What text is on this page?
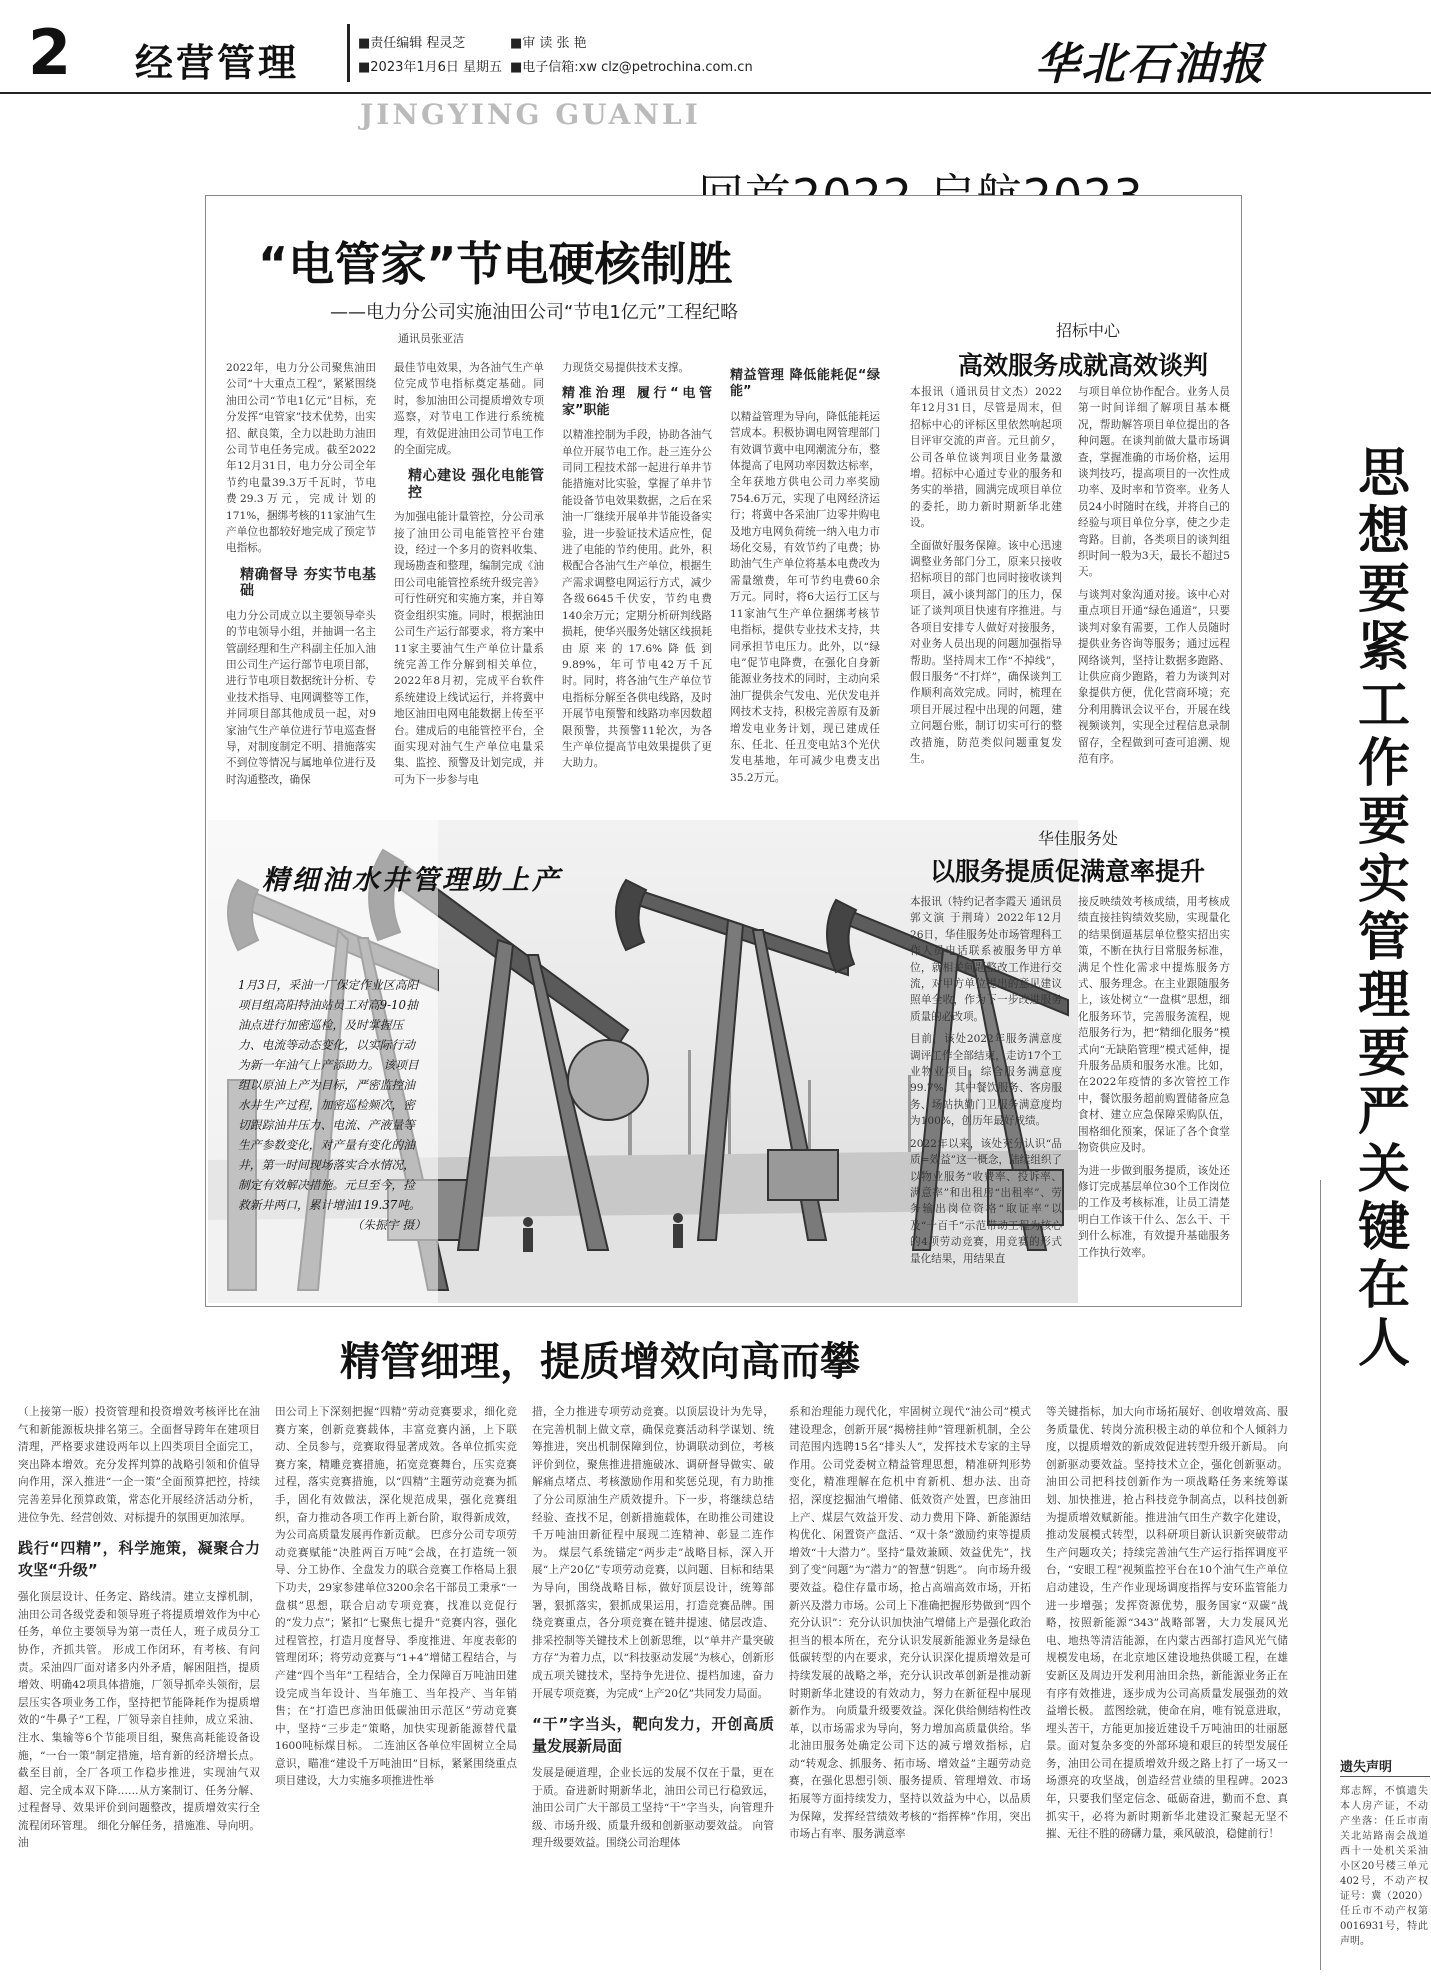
2	经营管理	■责任编辑 程灵芝	■审 读 张 艳
■2023年1月6日 星期五 ■电子信箱:xw clz@petrochina.com.cn
JINGYING GUANLI
华北石油报
“电管家”节电硬核制胜
——电力分公司实施油田公司“节电1亿元”工程纪略
通讯员张亚洁
2022年，电力分公司聚焦油田公司“十大重点工程”，紧紧围绕油田公司“节电1亿元”目标，充分发挥“电管家”技术优势，出实招、献良策，全力以赴助力油田公司节电任务完成。截至2022年12月31日，电力分公司全年节约电量39.3万千瓦时，节电费29.3万元，完成计划的171%，捆绑考核的11家油气生产单位也都较好地完成了预定节电指标。
精确督导 夯实节电基础
电力分公司成立以主要领导牵头的节电领导小组，并抽调一名主管副经理和生产科副主任加入油田公司生产运行部节电项目部，进行节电项目数据统计分析、专业技术指导、电网调整等工作，并同项目部其他成员一起，对9家油气生产单位进行节电巡查督导，对制度制定不明、措施落实不到位等情况与属地单位进行及时沟通整改，确保
最佳节电效果，为各油气生产单位完成节电指标奠定基础。同时，参加油田公司提质增效专项巡察，对节电工作进行系统梳理，有效促进油田公司节电工作的全面完成。
精心建设 强化电能管控
为加强电能计量管控，分公司承接了油田公司电能管控平台建设，经过一个多月的资料收集、现场勘查和整理，编制完成《油田公司电能管控系统升级完善》可行性研究和实施方案，并自筹资金组织实施。同时，根据油田公司生产运行部要求，将方案中11家主要油气生产单位计量系统完善工作分解到相关单位，2022年8月初，完成平台软件系统建设上线试运行，并将冀中地区油田电网电能数据上传至平台。建成后的电能管控平台，全面实现对油气生产单位电量采集、监控、预警及计划完成，并可为下一步参与电
力现货交易提供技术支撑。
精准治理 履行“电管家”职能
以精准控制为手段，协助各油气单位开展节电工作。赴三连分公司同工程技术部一起进行单井节能措施对比实验，掌握了单井节能设备节电效果数据，之后在采油一厂继续开展单井节能设备实验，进一步验证技术适应性，促进了电能的节约使用。此外，积极配合各油气生产单位，根据生产需求调整电网运行方式，减少各级6645千伏安，节约电费140余万元；定期分析研判线路损耗，使华兴服务处辖区线损耗由原来的17.6%降低到9.89%，年可节电42万千瓦时。同时，将各油气生产单位节电指标分解至各供电线路，及时开展节电预警和线路功率因数超限预警，共预警11轮次，为各生产单位提高节电效果提供了更大助力。
精益管理 降低能耗促“绿能”
以精益管理为导向，降低能耗运营成本。积极协调电网管理部门有效调节冀中电网潮流分布，整体提高了电网功率因数达标率，全年获地方供电公司力率奖励754.6万元，实现了电网经济运行；将冀中各采油厂边零井购电及地方电网负荷统一纳入电力市场化交易，有效节约了电费；协助油气生产单位将基本电费改为需量缴费，年可节约电费60余万元。同时，将6大运行工区与11家油气生产单位捆绑考核节电指标，提供专业技术支持，共同承担节电压力。此外，以“绿电”促节电降费，在强化自身新能源业务技术的同时，主动向采油厂提供余气发电、光伏发电并网技术支持，积极完善原有及新增发电业务计划，现已建成任东、任北、任丑变电站3个光伏发电基地，年可减少电费支出35.2万元。
招标中心
高效服务成就高效谈判
本报讯（通讯员甘文杰）2022年12月31日，尽管是周末，但招标中心的评标区里依然响起项目评审交流的声音。元旦前夕，公司各单位谈判项目业务量激增。招标中心通过专业的服务和务实的举措，圆满完成项目单位的委托，助力新时期新华北建设。
全面做好服务保障。该中心迅速调整业务部门分工，原来只接收招标项目的部门也同时接收谈判项目，减小谈判部门的压力，保证了谈判项目快速有序推进。与各项目安排专人做好对接服务，对业务人员出现的问题加强指导帮助。坚持周末工作“不掉线”，假日服务“不打烊”，确保谈判工作顺利高效完成。同时，梳理在项目开展过程中出现的问题，建立问题台账，制订切实可行的整改措施，防范类似问题重复发生。
与项目单位协作配合。业务人员第一时间详细了解项目基本概况，帮助解答项目单位提出的各种问题。在谈判前做大量市场调查，掌握准确的市场价格，运用谈判技巧，提高项目的一次性成功率、及时率和节资率。业务人员24小时随时在线，并将自己的经验与项目单位分享，使之少走弯路。目前，各类项目的谈判组织时间一般为3天，最长不超过5天。
与谈判对象沟通对接。该中心对重点项目开通“绿色通道”，只要谈判对象有需要，工作人员随时提供业务咨询等服务；通过远程网络谈判，坚持让数据多跑路、让供应商少跑路，着力为谈判对象提供方便，优化营商环境；充分利用腾讯会议平台，开展在线视频谈判，实现全过程信息录制留存，全程做到可查可追溯、规范有序。
精细油水井管理助上产
1月3日，采油一厂保定作业区高阳项目组高阳特油站员工对高9-10抽油点进行加密巡检，及时掌握压力、电流等动态变化，以实际行动为新一年油气上产添助力。 该项目组以原油上产为目标，严密监控油水井生产过程，加密巡检频次，密切跟踪油井压力、电流、产液量等生产参数变化，对产量有变化的油井，第一时间现场落实合水情况，制定有效解决措施。元旦至今，捡救新井两口，累计增油119.37吨。
（朱振宇 摄）
华佳服务处
以服务提质促满意率提升
本报讯（特约记者李霞天 通讯员郭文演 于荆琦）2022年12月26日，华佳服务处市场管理科工作人员电话联系被服务甲方单位，就相关问题整改工作进行交流，对甲方单位提出的意见建议照单全收，作为下一步改进服务质量的必改项。
目前，该处2022年服务满意度调评工作全部结束，走访17个工业物业项目，综合服务满意度99.7%，其中餐饮服务、客房服务、场站执勤门卫服务满意度均为100%，创历年最好成绩。
2022年以来，该处充分认识“品质=效益”这一概念，陆续组织了以物业服务“收费率、投诉率、满意率”和出租房“出租率”、劳务输出岗位资格“取证率”以及“十百千”示范带动工程为核心的4项劳动竞赛，用竞赛的形式量化结果，用结果直
接反映绩效考核成绩，用考核成绩直接挂钩绩效奖励，实现量化的结果倒逼基层单位整实招出实策，不断在执行目常服务标准，满足个性化需求中提炼服务方式、服务理念。在主业跟随服务上，该处树立“一盘棋”思想，细化服务环节，完善服务流程，规范服务行为，把“精细化服务”模式向“无缺陷管理”模式延伸，提升服务品质和服务水准。比如，在2022年疫情的多次管控工作中，餐饮服务超前购置储备应急食材、建立应急保障采购队伍，围格细化预案，保证了各个食堂物资供应及时。
为进一步做到服务提质，该处还修订完成基层单位30个工作岗位的工作及考核标准，让员工清楚明白工作该干什么、怎么干、干到什么标准，有效提升基础服务工作执行效率。
思想要紧 工作要实 管理要严 关键在人
精管细理，提质增效向高而攀
（上接第一版）投资管理和投资增效考核评比在油气和新能源板块排名第三。全面督导跨年在建项目清理，严格要求建设两年以上四类项目全面完工，突出降本增效。充分发挥判算的战略引领和价值导向作用，深入推进“一企一策”全面预算把控，持续完善差异化预算政策，常态化开展经济活动分析，进位争先、经营创效、对标提升的氛围更加浓厚。
践行“四精”，科学施策，凝聚合力攻坚“升级”
强化顶层设计、任务定、路线清。建立支撑机制，油田公司各级党委和领导班子将提质增效作为中心任务，单位主要领导为第一责任人，班子成员分工协作，齐抓共管。 形成工作闭环，有考核、有问责。采油四厂面对诸多内外矛盾，解困阻挡，提质增效、明确42项具体措施，厂领导抓牵头领衔，层层压实各项业务工作，坚持把节能降耗作为提质增效的“牛鼻子”工程，厂领导亲自挂帅，成立采油、注水、集输等6个节能项目组，聚焦高耗能设备设施，“一台一策”制定措施，培育新的经济增长点。截至目前，全厂各项工作稳步推进，实现油气双超、完全成本双下降……从方案制订、任务分解、过程督导、效果评价到问题整改，提质增效实行全流程闭环管理。 细化分解任务，措施准、导向明。油
田公司上下深刻把握“四精”劳动竞赛要求，细化竞赛方案，创新竞赛载体，丰富竞赛内涵，上下联动、全员参与，竞赛取得显著成效。各单位抓实竞赛方案，精雕竞赛措施，拓宽竞赛舞台，压实竞赛过程，落实竞赛措施，以“四精”主题劳动竞赛为抓手，固化有效做法，深化规范成果，强化竞赛组织，奋力推动各项工作再上新台阶，取得新成效，为公司高质量发展再作新贡献。 巴彦分公司专项劳动竞赛赋能“决胜两百万吨”会战，在打造统一领导、分工协作、全盘发力的联合竞赛工作格局上狠下功夫，29家参建单位3200余名干部员工秉承“一盘棋”思想，联合启动专项竞赛，找准以竞促行的“发力点”；紧扣“七聚焦七提升”竞赛内容，强化过程管控，打造月度督导、季度推进、年度表彰的管理闭环；将劳动竞赛与“1+4”增储工程结合，与产建“四个当年”工程结合，全力保障百万吨油田建设完成当年设计、当年施工、当年投产、当年销售；在“打造巴彦油田低碳油田示范区”劳动竞赛中，坚持“三步走”策略，加快实现新能源替代量1600吨标煤目标。 二连油区各单位牢固树立全局意识，瞄准“建设千万吨油田”目标，紧紧围绕重点项目建设，大力实施多项推进性举
措，全力推进专项劳动竞赛。以顶层设计为先导，在完善机制上做文章，确保竞赛活动科学谋划、统筹推进，突出机制保障到位，协调联动到位，考核评价到位，聚焦推进措施破冰、调研督导做实、破解痛点堵点、考核激励作用和奖惩兑现，有力助推了分公司原油生产质效提升。下一步，将继续总结经验、查找不足，创新措施载体，在助推公司建设千万吨油田新征程中展现二连精神、彰显二连作为。 煤层气系统锚定“两步走”战略目标，深入开展“上产20亿”专项劳动竞赛，以问题、目标和结果为导向，围绕战略目标，做好顶层设计，统筹部署，狠抓落实，狠抓成果运用，打造竞赛品牌。围绕竞赛重点，各分项竞赛在链井提速、储层改造、排采控制等关键技术上创新思维，以“单井产量突破方存”为着力点，以“科技驱动发展”为核心，创新形成五项关键技术，坚持争先进位、提档加速，奋力开展专项竞赛，为完成“上产20亿”共同发力局面。
“干”字当头，靶向发力，开创高质量发展新局面
发展是硬道理，企业长远的发展不仅在于量，更在于质。奋进新时期新华北，油田公司已行稳致远，油田公司广大干部员工坚持“干”字当头，向管理升级、市场升级、质量升级和创新驱动要效益。 向管理升级要效益。围绕公司治理体
系和治理能力现代化，牢固树立现代“油公司”模式建设理念，创新开展“揭榜挂帅”管理新机制，全公司范围内选聘15名“排头人”，发挥技术专家的主导作用。公司党委树立精益管理思想，精准研判形势变化，精准理解在危机中育新机、想办法、出奇招，深度挖掘油气增储、低效资产处置，巴彦油田上产、煤层气效益开发、动力费用下降、新能源结构优化、闲置资产盘活、“双十条”激励约束等提质增效“十大潜力”。坚持“量效兼顾、效益优先”，找到了变“问题”为“潜力”的智慧“钥匙”。 向市场升级要效益。稳住存量市场，抢占高端高效市场，开拓新兴及潜力市场。公司上下准确把握形势做到“四个充分认识”：充分认识加快油气增储上产是强化政治担当的根本所在，充分认识发展新能源业务是绿色低碳转型的内在要求，充分认识深化提质增效是可持续发展的战略之举，充分认识改革创新是推动新时期新华北建设的有效动力，努力在新征程中展现新作为。 向质量升级要效益。深化供给侧结构性改革，以市场需求为导向，努力增加高质量供给。华北油田服务处确定公司下达的减亏增效指标，启动“转观念、抓服务、拓市场、增效益”主题劳动竞赛，在强化思想引领、服务提质、管理增效、市场拓展等方面持续发力，坚持以效益为中心，以品质为保障，发挥经营绩效考核的“指挥棒”作用，突出市场占有率、服务满意率
等关键指标，加大向市场拓展好、创收增效高、服务质量优、转岗分流积极主动的单位和个人倾斜力度，以提质增效的新成效促进转型升级开新局。 向创新驱动要效益。坚持技术立企，强化创新驱动。油田公司把科技创新作为一项战略任务来统筹谋划、加快推进，抢占科技竞争制高点，以科技创新为提质增效赋新能。推进油气田生产数字化建设，推动发展模式转型，以科研项目新认识新突破带动生产问题攻关；持续完善油气生产运行指挥调度平台，“安眼工程”视频监控平台在10个油气生产单位启动建设，生产作业现场调度指挥与安环监管能力进一步增强；发挥资源优势，服务国家“双碳”战略，按照新能源“343”战略部署，大力发展风光电、地热等清洁能源，在内蒙古西部打造风光气储规模发电场，在北京地区建设地热供暖工程，在雄安新区及周边开发利用油田余热，新能源业务正在有序有效推进，逐步成为公司高质量发展强劲的效益增长极。 蓝图绘就，使命在肩，唯有锐意进取，埋头苦干，方能更加接近建设千万吨油田的壮丽愿景。面对复杂多变的外部环境和艰巨的转型发展任务，油田公司在提质增效升级之路上打了一场又一场漂亮的攻坚战，创造经营业绩的里程碑。2023年，只要我们坚定信念、砥砺奋进，勤而不怠、真抓实干，必将为新时期新华北建设汇聚起无坚不摧、无往不胜的磅礴力量，乘风破浪，稳健前行！
遗失声明
郑志辉，不慎遗失本人房产证，不动产坐落：任丘市南关北站路南会战道西十一处机关采油小区20号楼三单元402号，不动产权证号：冀（2020）任丘市不动产权第0016931号，特此声明。
